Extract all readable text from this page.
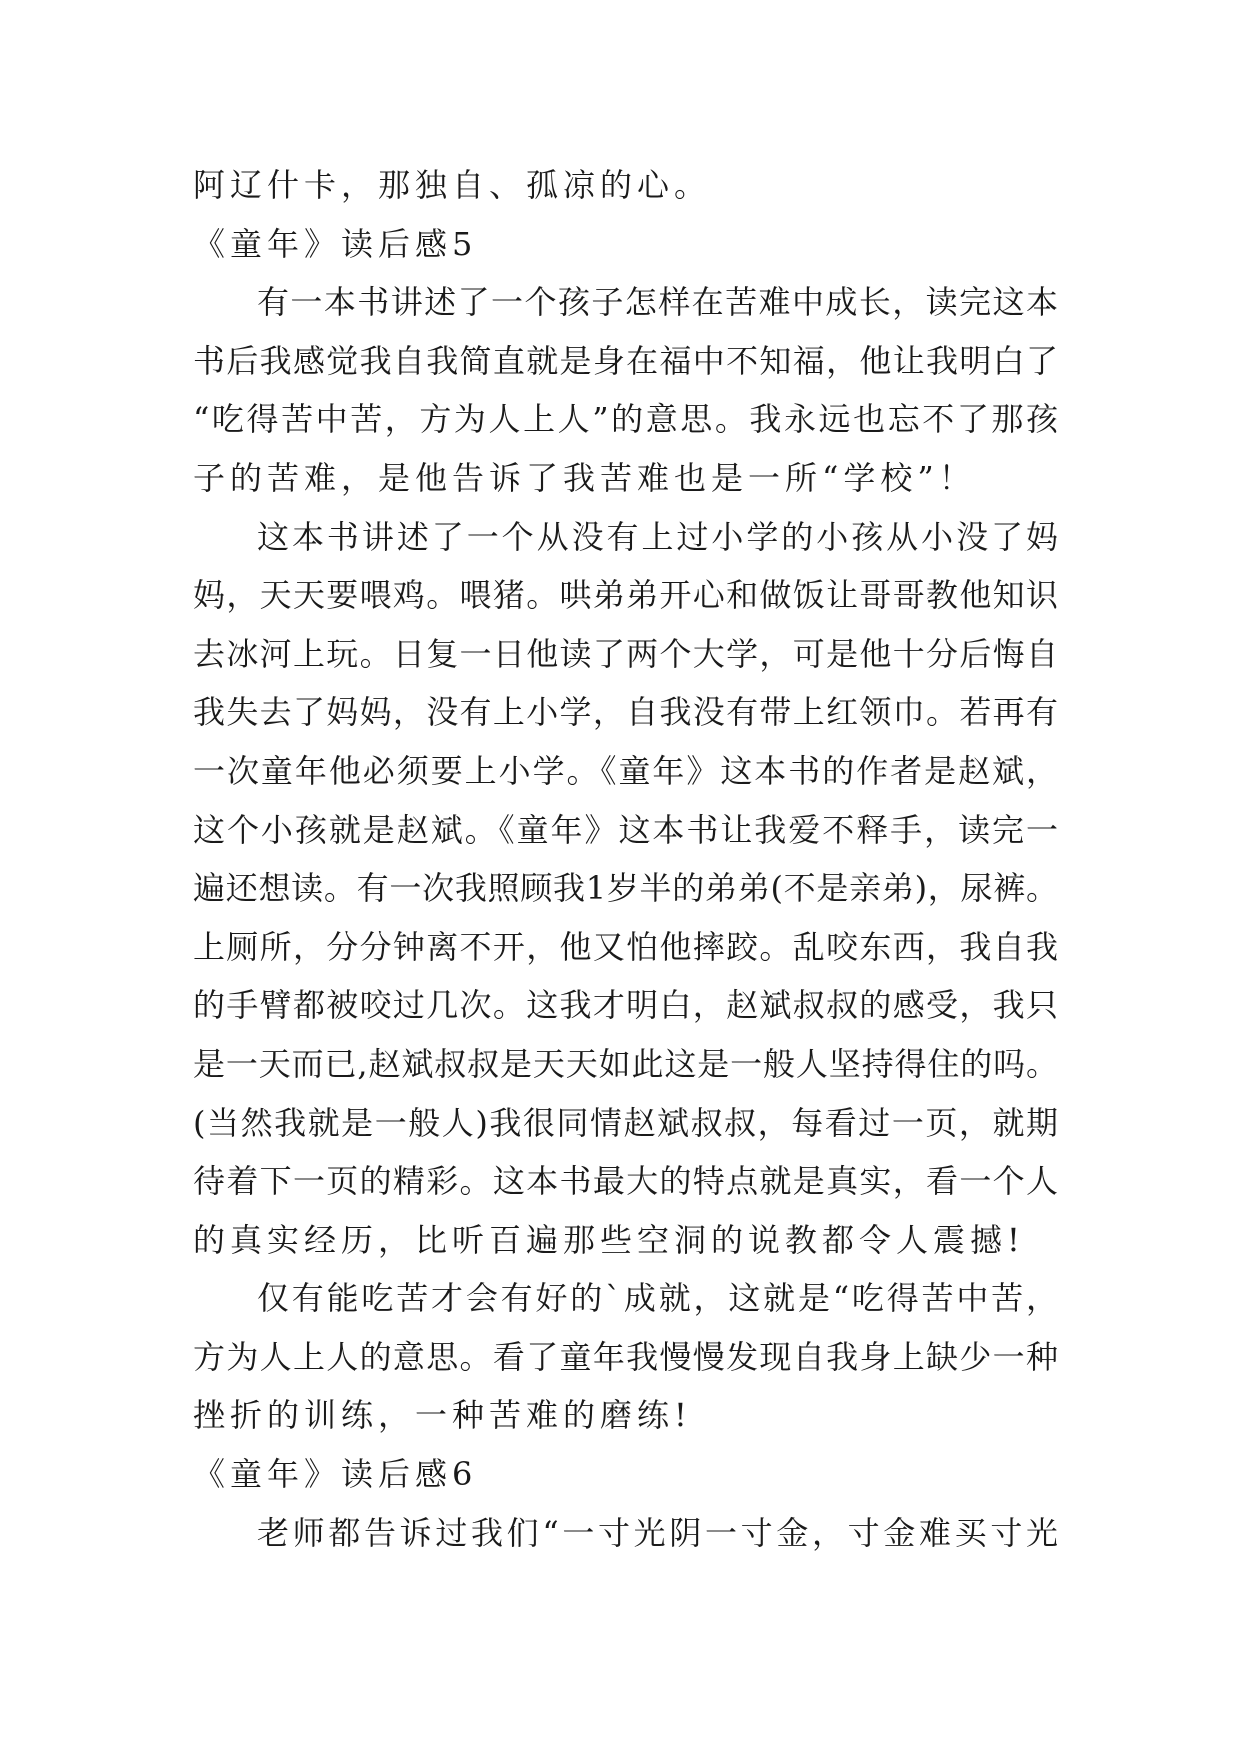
阿辽什卡，那独自、孤凉的心。
《童年》读后感5
有一本书讲述了一个孩子怎样在苦难中成长，读完这本
书后我感觉我自我简直就是身在福中不知福，他让我明白了
“吃得苦中苦，方为人上人”的意思。我永远也忘不了那孩
子的苦难，是他告诉了我苦难也是一所“学校”！
这本书讲述了一个从没有上过小学的小孩从小没了妈
妈，天天要喂鸡。喂猪。哄弟弟开心和做饭让哥哥教他知识
去冰河上玩。日复一日他读了两个大学，可是他十分后悔自
我失去了妈妈，没有上小学，自我没有带上红领巾。若再有
一次童年他必须要上小学。《童年》这本书的作者是赵斌，
这个小孩就是赵斌。《童年》这本书让我爱不释手，读完一
遍还想读。有一次我照顾我1岁半的弟弟(不是亲弟)，尿裤。
上厕所，分分钟离不开，他又怕他摔跤。乱咬东西，我自我
的手臂都被咬过几次。这我才明白，赵斌叔叔的感受，我只
是一天而已,赵斌叔叔是天天如此这是一般人坚持得住的吗。
(当然我就是一般人)我很同情赵斌叔叔，每看过一页，就期
待着下一页的精彩。这本书最大的特点就是真实，看一个人
的真实经历，比听百遍那些空洞的说教都令人震撼!
仅有能吃苦才会有好的`成就，这就是“吃得苦中苦，
方为人上人的意思。看了童年我慢慢发现自我身上缺少一种
挫折的训练，一种苦难的磨练!
《童年》读后感6
老师都告诉过我们“一寸光阴一寸金，寸金难买寸光
